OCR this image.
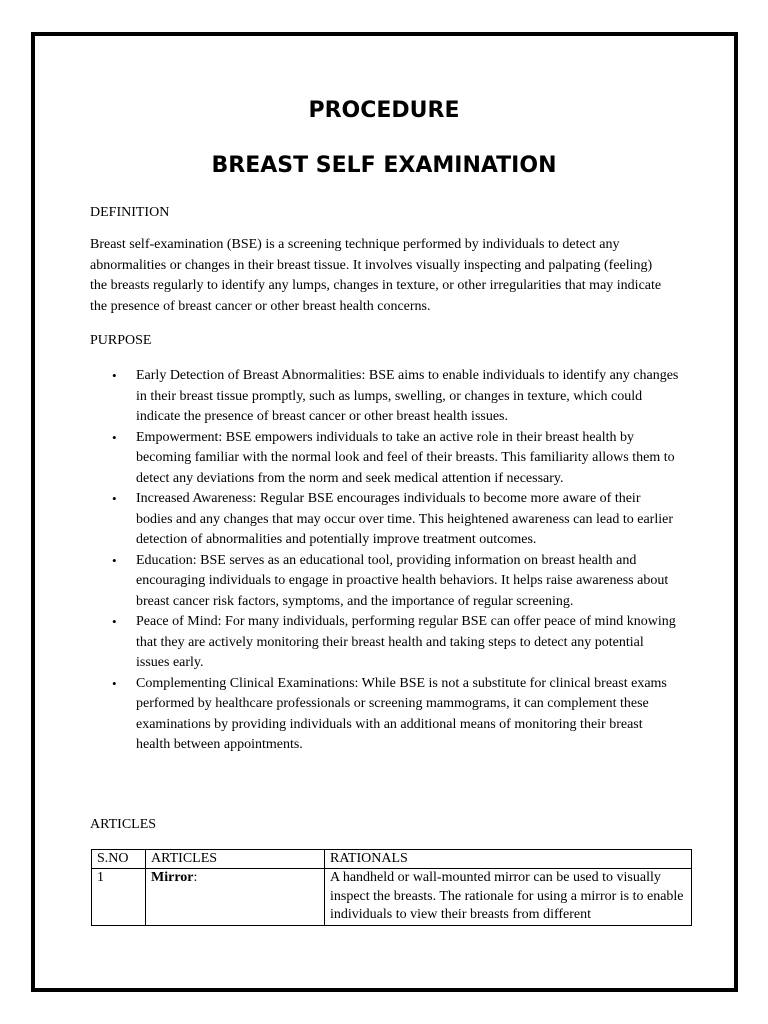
PROCEDURE
BREAST SELF EXAMINATION

DEFINITION

Breast self-examination (BSE) is a screening technique performed by individuals to detect any abnormalities or changes in their breast tissue. It involves visually inspecting and palpating (feeling) the breasts regularly to identify any lumps, changes in texture, or other irregularities that may indicate the presence of breast cancer or other breast health concerns.

PURPOSE

• Early Detection of Breast Abnormalities: BSE aims to enable individuals to identify any changes in their breast tissue promptly, such as lumps, swelling, or changes in texture, which could indicate the presence of breast cancer or other breast health issues.
• Empowerment: BSE empowers individuals to take an active role in their breast health by becoming familiar with the normal look and feel of their breasts. This familiarity allows them to detect any deviations from the norm and seek medical attention if necessary.
• Increased Awareness: Regular BSE encourages individuals to become more aware of their bodies and any changes that may occur over time. This heightened awareness can lead to earlier detection of abnormalities and potentially improve treatment outcomes.
• Education: BSE serves as an educational tool, providing information on breast health and encouraging individuals to engage in proactive health behaviors. It helps raise awareness about breast cancer risk factors, symptoms, and the importance of regular screening.
• Peace of Mind: For many individuals, performing regular BSE can offer peace of mind knowing that they are actively monitoring their breast health and taking steps to detect any potential issues early.
• Complementing Clinical Examinations: While BSE is not a substitute for clinical breast exams performed by healthcare professionals or screening mammograms, it can complement these examinations by providing individuals with an additional means of monitoring their breast health between appointments.

ARTICLES

S.NO	ARTICLES	RATIONALS
1	Mirror:	A handheld or wall-mounted mirror can be used to visually inspect the breasts. The rationale for using a mirror is to enable individuals to view their breasts from different
